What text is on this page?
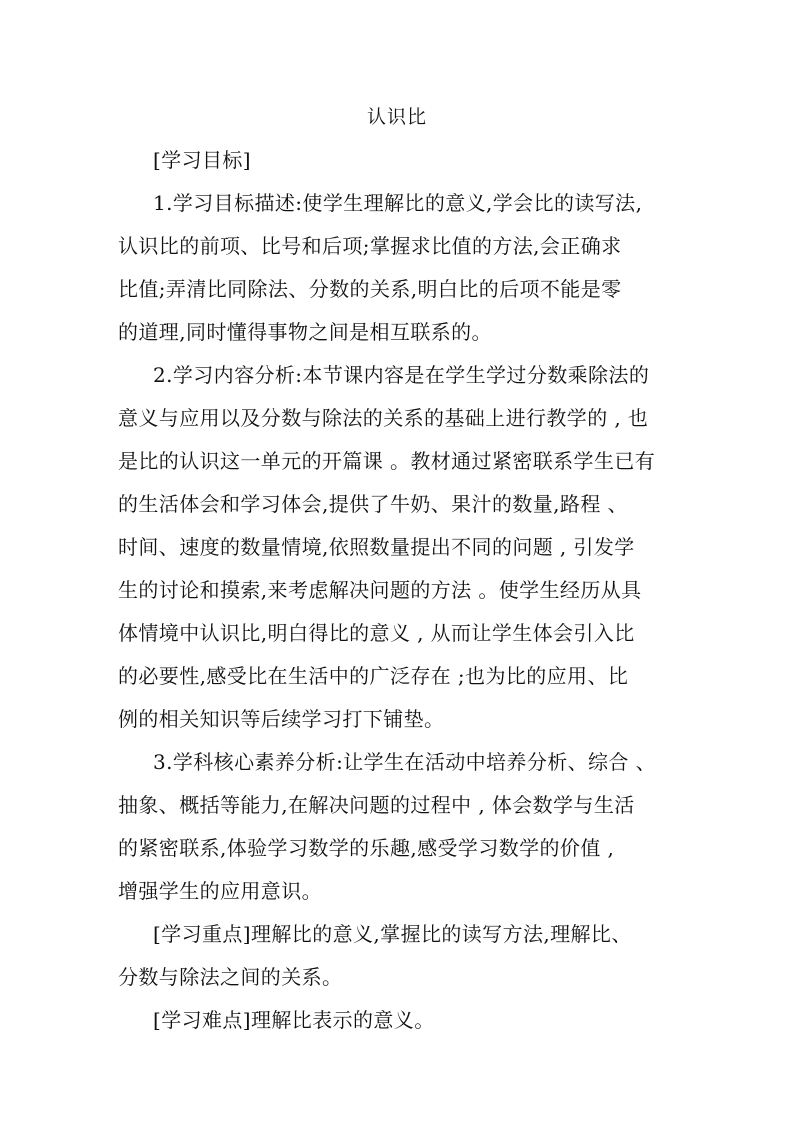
认识比
[学习目标]
1.学习目标描述:使学生理解比的意义,学会比的读写法,
认识比的前项、比号和后项;掌握求比值的方法,会正确求
比值;弄清比同除法、分数的关系,明白比的后项不能是零
的道理,同时懂得事物之间是相互联系的。
2.学习内容分析:本节课内容是在学生学过分数乘除法的
意义与应用以及分数与除法的关系的基础上进行教学的 , 也
是比的认识这一单元的开篇课 。教材通过紧密联系学生已有
的生活体会和学习体会,提供了牛奶、果汁的数量,路程 、
时间、速度的数量情境,依照数量提出不同的问题 , 引发学
生的讨论和摸索,来考虑解决问题的方法 。使学生经历从具
体情境中认识比,明白得比的意义 , 从而让学生体会引入比
的必要性,感受比在生活中的广泛存在 ;也为比的应用、比
例的相关知识等后续学习打下铺垫。
3.学科核心素养分析:让学生在活动中培养分析、综合 、
抽象、概括等能力,在解决问题的过程中 , 体会数学与生活
的紧密联系,体验学习数学的乐趣,感受学习数学的价值 ,
增强学生的应用意识。
[学习重点]理解比的意义,掌握比的读写方法,理解比、
分数与除法之间的关系。
[学习难点]理解比表示的意义。
